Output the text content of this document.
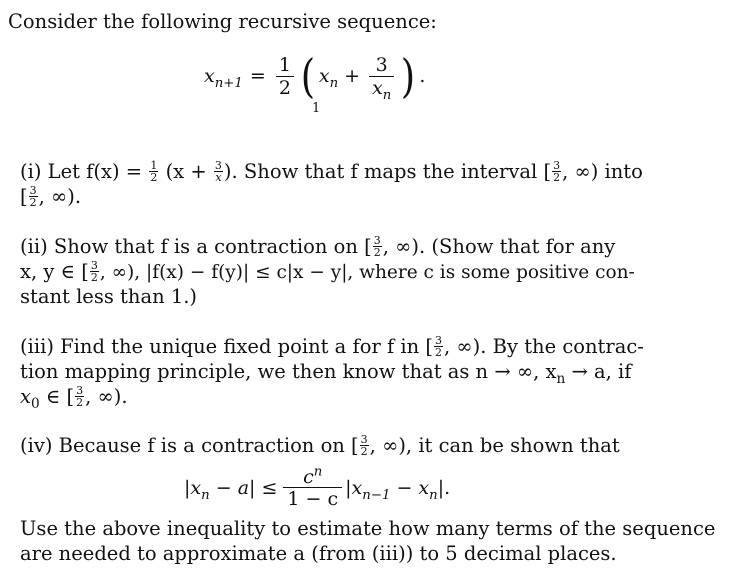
Consider the following recursive sequence:
$x_{n+1} = \frac{1}{2}$ ( $x_n + \frac{3}{x_n}$ ) .
1
(i) Let $f(x) = \frac{1}{2} (x + \frac{3}{x}$ ). Show that f maps the interval [ $\frac{3}{2}$ , ∞) into
[ $\frac{3}{2}$ , ∞).
(ii) Show that f is a contraction on [ $\frac{3}{2}$ , ∞). (Show that for any
x, y ∈ [ $\frac{3}{2}$ , ∞), |f(x) − f(y)| ≤ c|x − y|, where c is some positive con-
stant less than 1.)
(iii) Find the unique fixed point a for f in [ $\frac{3}{2}$ , ∞). By the contrac-
tion mapping principle, we then know that as n → ∞, $x_n \to a$, if
$x_0$ ∈ [ $\frac{3}{2}$ , ∞).
(iv) Because f is a contraction on [ $\frac{3}{2}$ , ∞), it can be shown that
$|x_n - a| \le \frac{c^n}{1 - c} |x_{n-1} - x_n|$.
Use the above inequality to estimate how many terms of the sequence
are needed to approximate a (from (iii)) to 5 decimal places.
